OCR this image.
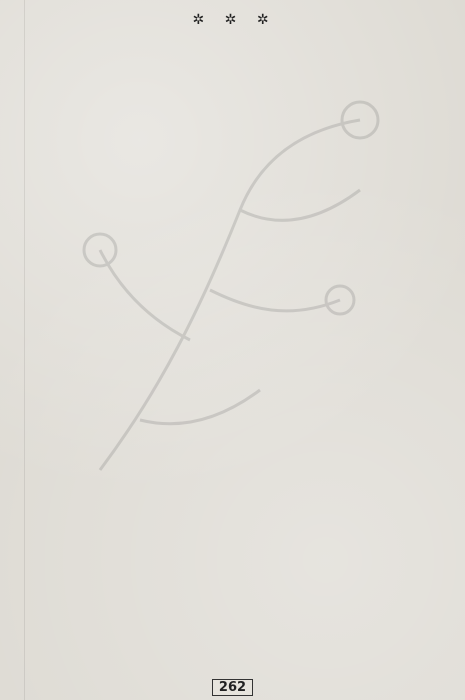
✲ ✲ ✲

262
